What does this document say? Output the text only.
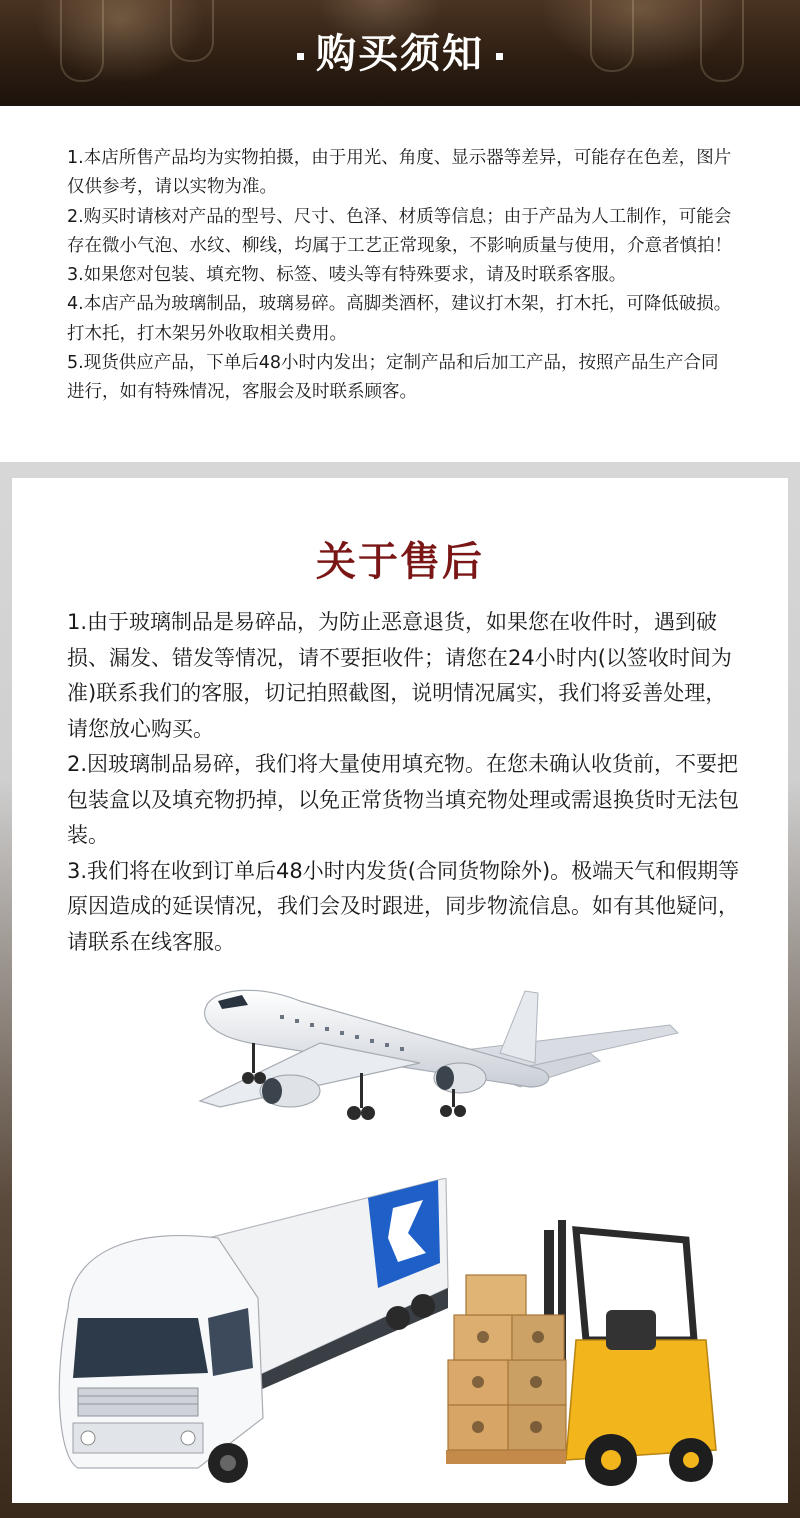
购买须知

1.本店所售产品均为实物拍摄，由于用光、角度、显示器等差异，可能存在色差，图片仅供参考，请以实物为准。

2.购买时请核对产品的型号、尺寸、色泽、材质等信息；由于产品为人工制作，可能会存在微小气泡、水纹、柳线，均属于工艺正常现象，不影响质量与使用，介意者慎拍！

3.如果您对包装、填充物、标签、唛头等有特殊要求，请及时联系客服。

4.本店产品为玻璃制品，玻璃易碎。高脚类酒杯，建议打木架，打木托，可降低破损。打木托，打木架另外收取相关费用。

5.现货供应产品，下单后48小时内发出；定制产品和后加工产品，按照产品生产合同进行，如有特殊情况，客服会及时联系顾客。

关于售后

1.由于玻璃制品是易碎品，为防止恶意退货，如果您在收件时，遇到破损、漏发、错发等情况，请不要拒收件；请您在24小时内(以签收时间为准)联系我们的客服，切记拍照截图，说明情况属实，我们将妥善处理，请您放心购买。

2.因玻璃制品易碎，我们将大量使用填充物。在您未确认收货前，不要把包装盒以及填充物扔掉，以免正常货物当填充物处理或需退换货时无法包装。

3.我们将在收到订单后48小时内发货(合同货物除外)。极端天气和假期等原因造成的延误情况，我们会及时跟进，同步物流信息。如有其他疑问，请联系在线客服。
